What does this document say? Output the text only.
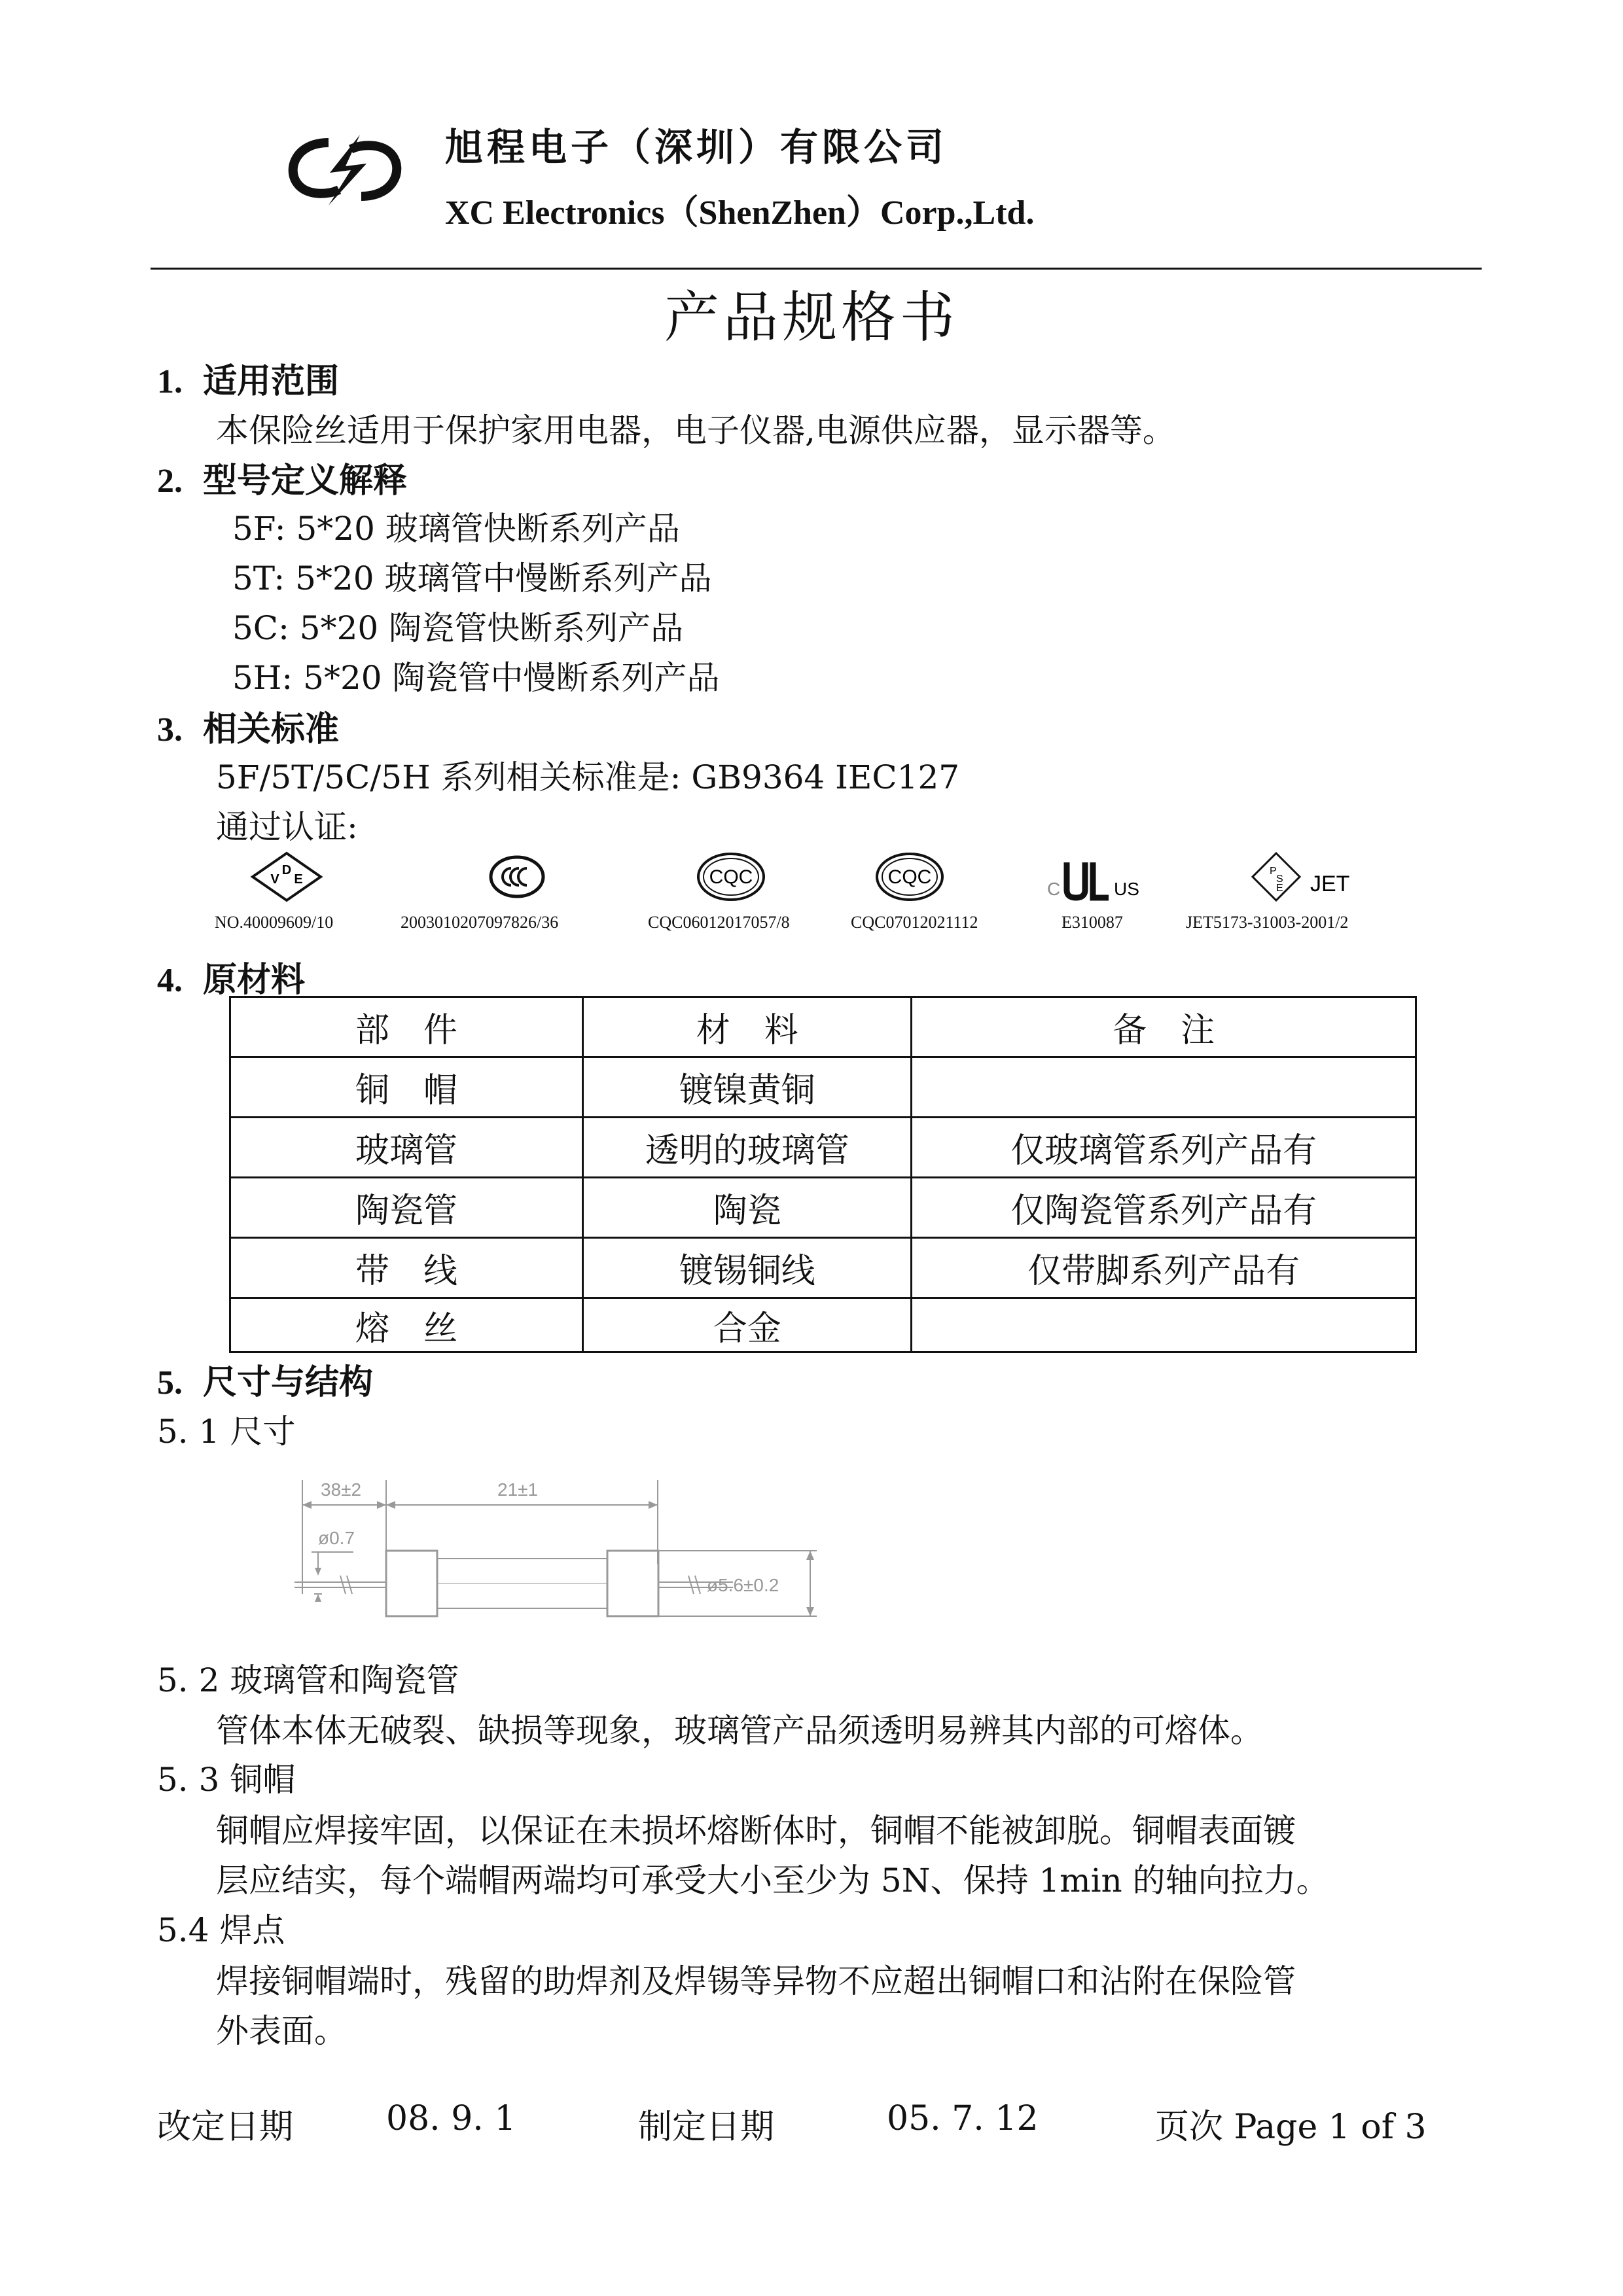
旭程电子（深圳）有限公司
XC Electronics（ShenZhen）Corp.,Ltd.
产品规格书
1. 适用范围
本保险丝适用于保护家用电器，电子仪器,电源供应器，显示器等。
2. 型号定义解释
5F: 5*20 玻璃管快断系列产品
5T: 5*20 玻璃管中慢断系列产品
5C: 5*20 陶瓷管快断系列产品
5H: 5*20 陶瓷管中慢断系列产品
3. 相关标准
5F/5T/5C/5H 系列相关标准是: GB9364 IEC127
通过认证:
D
V E
NO.40009609/10	2003010207097826/36
CQC
CQC06012017057/8
CQC
CQC07012021112
C	US
E310087
P
S
E JET
JET5173-31003-2001/2
4. 原材料
部　件	材　料	备　注
铜　帽	镀镍黄铜	
玻璃管	透明的玻璃管	仅玻璃管系列产品有
陶瓷管	陶瓷	仅陶瓷管系列产品有
带　线	镀锡铜线	仅带脚系列产品有
熔　丝	合金	
5. 尺寸与结构
5. 1 尺寸
38±2	21±1
ø0.7
ø5.6±0.2
5. 2 玻璃管和陶瓷管
管体本体无破裂、缺损等现象，玻璃管产品须透明易辨其内部的可熔体。
5. 3 铜帽
铜帽应焊接牢固，以保证在未损坏熔断体时，铜帽不能被卸脱。铜帽表面镀
层应结实，每个端帽两端均可承受大小至少为 5N、保持 1min 的轴向拉力。
5.4 焊点
焊接铜帽端时，残留的助焊剂及焊锡等异物不应超出铜帽口和沾附在保险管
外表面。
改定日期	08. 9. 1	制定日期	05. 7. 12	页次 Page 1 of 3
